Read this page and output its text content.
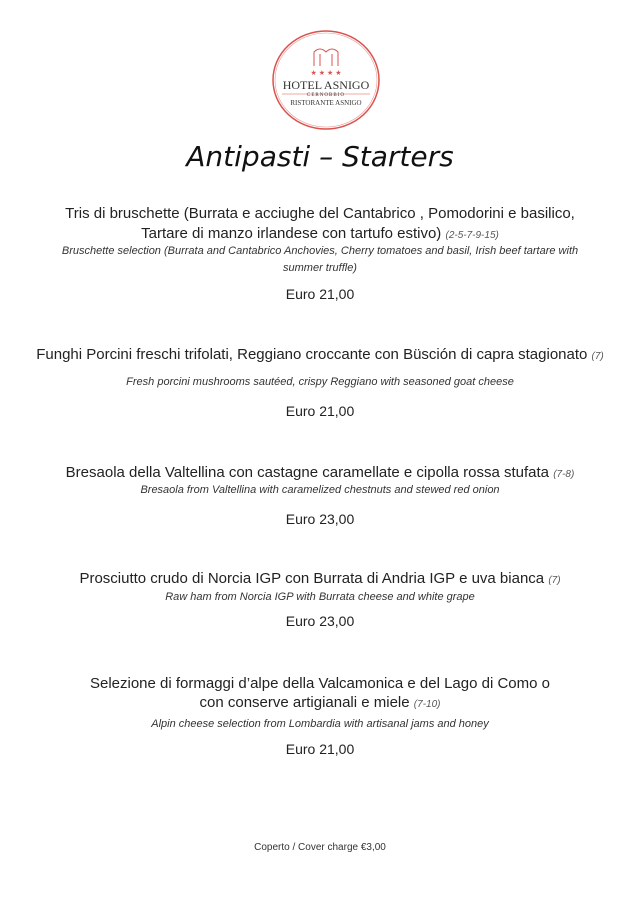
★ ★ ★ ★
HOTEL ASNIGO
CERNOBBIO
RISTORANTE ASNIGO
Antipasti – Starters
Tris di bruschette (Burrata e acciughe del Cantabrico , Pomodorini e basilico,
Tartare di manzo irlandese con tartufo estivo) (2-5-7-9-15)
Bruschette selection (Burrata and Cantabrico Anchovies, Cherry tomatoes and basil, Irish beef tartare with
summer truffle)
Euro 21,00
Funghi Porcini freschi trifolati, Reggiano croccante con Büsción di capra stagionato (7)
Fresh porcini mushrooms sautéed, crispy Reggiano with seasoned goat cheese
Euro 21,00
Bresaola della Valtellina con castagne caramellate e cipolla rossa stufata (7-8)
Bresaola from Valtellina with caramelized chestnuts and stewed red onion
Euro 23,00
Prosciutto crudo di Norcia IGP con Burrata di Andria IGP e uva bianca (7)
Raw ham from Norcia IGP with Burrata cheese and white grape
Euro 23,00
Selezione di formaggi d’alpe della Valcamonica e del Lago di Como o
con conserve artigianali e miele (7-10)
Alpin cheese selection from Lombardia with artisanal jams and honey
Euro 21,00
Coperto / Cover charge €3,00
